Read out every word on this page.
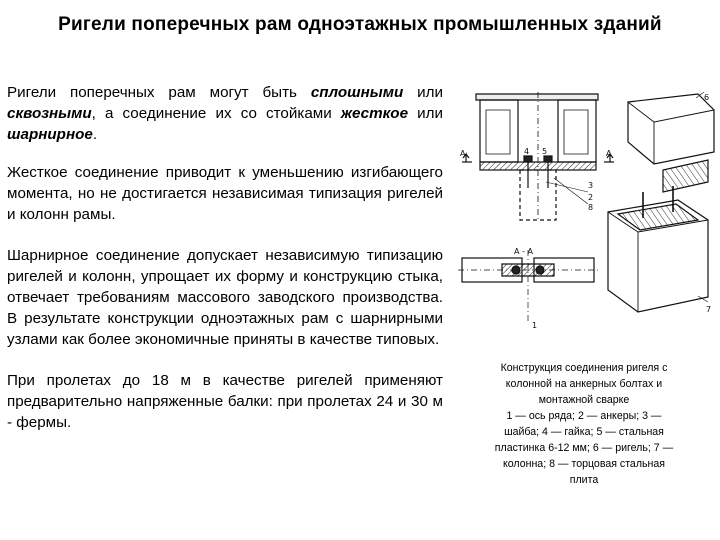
Ригели поперечных рам одноэтажных промышленных зданий

Ригели поперечных рам могут быть сплошными или сквозными, а соединение их со стойками жесткое или шарнирное.

Жесткое соединение приводит к уменьшению изгибающего момента, но не достигается независимая типизация ригелей и колонн рамы.

Шарнирное соединение допускает независимую типизацию ригелей и колонн, упрощает их форму и конструкцию стыка, отвечает требованиям массового заводского производства. В результате конструкции одноэтажных рам с шарнирными узлами как более экономичные приняты в качестве типовых.

При пролетах до 18 м в качестве ригелей применяют предварительно напряженные балки: при пролетах 24 и 30 м - фермы.

А	А
3
2
8
4 5
6
7
А - А
1
Конструкция соединения ригеля с
колонной на анкерных болтах и
монтажной сварке
1 — ось ряда; 2 — анкеры; 3 —
шайба; 4 — гайка; 5 — стальная
пластинка 6-12 мм; 6 — ригель; 7 —
колонна; 8 — торцовая стальная
плита
